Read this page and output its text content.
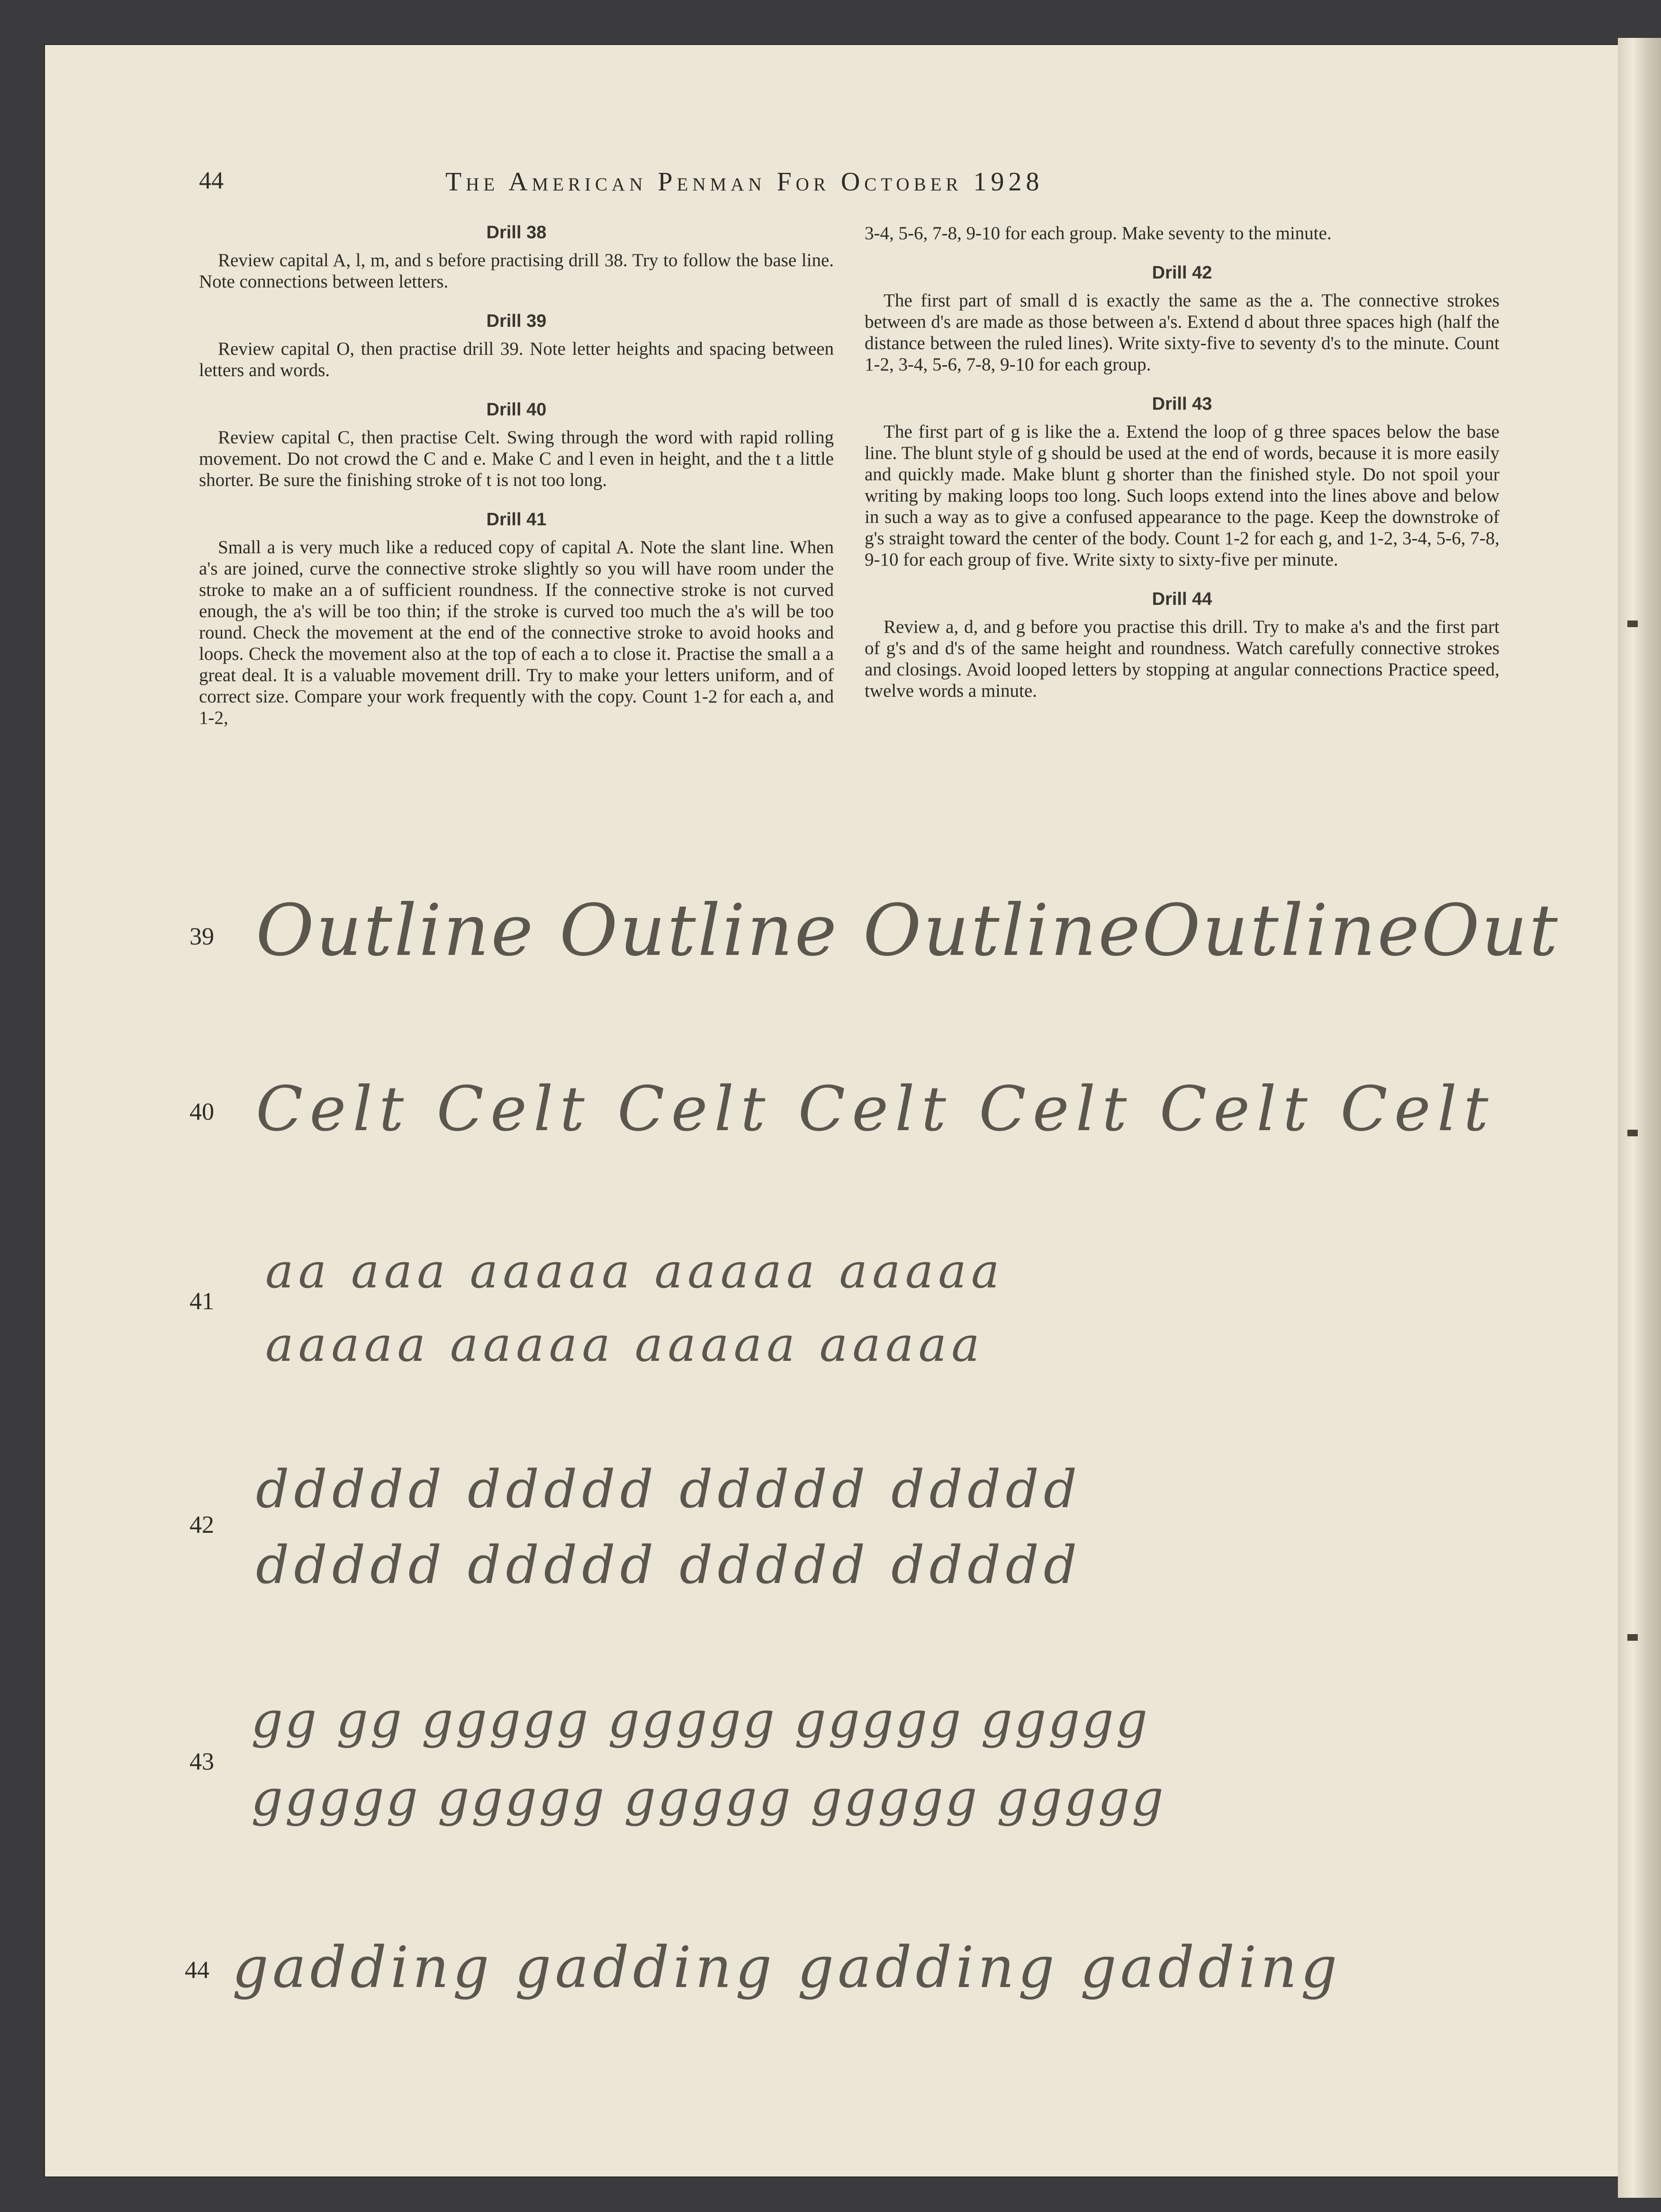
44	The American Penman For October 1928
Drill 38

Review capital A, l, m, and s before practising drill 38. Try to follow the base line. Note connections between letters.

Drill 39

Review capital O, then practise drill 39. Note letter heights and spacing between letters and words.

Drill 40

Review capital C, then practise Celt. Swing through the word with rapid rolling movement. Do not crowd the C and e. Make C and l even in height, and the t a little shorter. Be sure the finishing stroke of t is not too long.

Drill 41

Small a is very much like a reduced copy of capital A. Note the slant line. When a's are joined, curve the connective stroke slightly so you will have room under the stroke to make an a of sufficient roundness. If the connective stroke is not curved enough, the a's will be too thin; if the stroke is curved too much the a's will be too round. Check the movement at the end of the connective stroke to avoid hooks and loops. Check the movement also at the top of each a to close it. Practise the small a a great deal. It is a valuable movement drill. Try to make your letters uniform, and of correct size. Compare your work frequently with the copy. Count 1-2 for each a, and 1-2,

3-4, 5-6, 7-8, 9-10 for each group. Make seventy to the minute.

Drill 42

The first part of small d is exactly the same as the a. The connective strokes between d's are made as those between a's. Extend d about three spaces high (half the distance between the ruled lines). Write sixty-five to seventy d's to the minute. Count 1-2, 3-4, 5-6, 7-8, 9-10 for each group.

Drill 43

The first part of g is like the a. Extend the loop of g three spaces below the base line. The blunt style of g should be used at the end of words, because it is more easily and quickly made. Make blunt g shorter than the finished style. Do not spoil your writing by making loops too long. Such loops extend into the lines above and below in such a way as to give a confused appearance to the page. Keep the downstroke of g's straight toward the center of the body. Count 1-2 for each g, and 1-2, 3-4, 5-6, 7-8, 9-10 for each group of five. Write sixty to sixty-five per minute.

Drill 44

Review a, d, and g before you practise this drill. Try to make a's and the first part of g's and d's of the same height and roundness. Watch carefully connective strokes and closings. Avoid looped letters by stopping at angular connections Practice speed, twelve words a minute.

39 Outline Outline OutlineOutlineOut
40 Celt Celt Celt Celt Celt Celt Celt
41
aa aaa aaaaa aaaaa aaaaa
aaaaa aaaaa aaaaa aaaaa
42
ddddd ddddd ddddd ddddd
ddddd ddddd ddddd ddddd
43
gg gg ggggg ggggg ggggg ggggg
ggggg ggggg ggggg ggggg ggggg
44 gadding gadding gadding gadding
